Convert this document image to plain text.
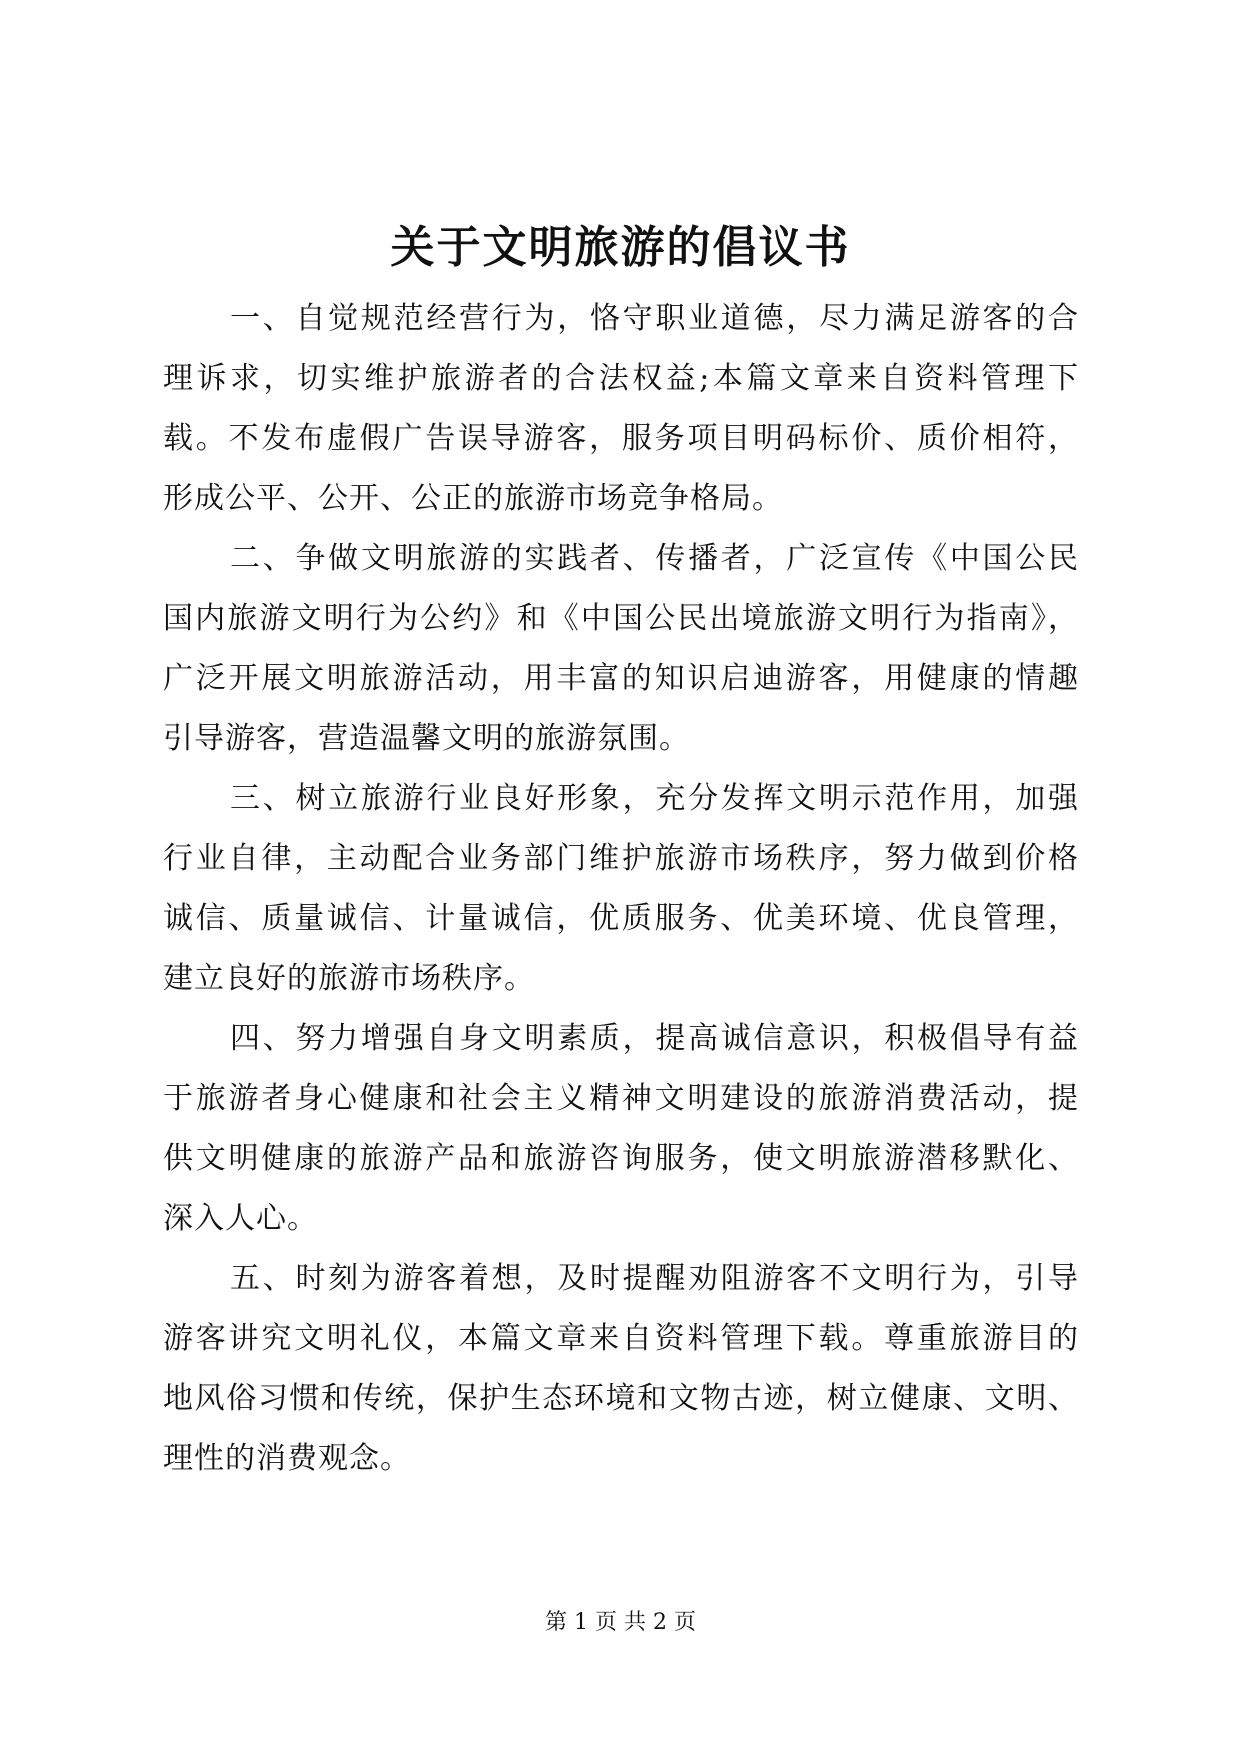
关于文明旅游的倡议书
一、自觉规范经营行为，恪守职业道德，尽力满足游客的合
理诉求，切实维护旅游者的合法权益;本篇文章来自资料管理下
载。不发布虚假广告误导游客，服务项目明码标价、质价相符，
形成公平、公开、公正的旅游市场竞争格局。
二、争做文明旅游的实践者、传播者，广泛宣传《中国公民
国内旅游文明行为公约》和《中国公民出境旅游文明行为指南》，
广泛开展文明旅游活动，用丰富的知识启迪游客，用健康的情趣
引导游客，营造温馨文明的旅游氛围。
三、树立旅游行业良好形象，充分发挥文明示范作用，加强
行业自律，主动配合业务部门维护旅游市场秩序，努力做到价格
诚信、质量诚信、计量诚信，优质服务、优美环境、优良管理，
建立良好的旅游市场秩序。
四、努力增强自身文明素质，提高诚信意识，积极倡导有益
于旅游者身心健康和社会主义精神文明建设的旅游消费活动，提
供文明健康的旅游产品和旅游咨询服务，使文明旅游潜移默化、
深入人心。
五、时刻为游客着想，及时提醒劝阻游客不文明行为，引导
游客讲究文明礼仪，本篇文章来自资料管理下载。尊重旅游目的
地风俗习惯和传统，保护生态环境和文物古迹，树立健康、文明、
理性的消费观念。
第 1 页 共 2 页
